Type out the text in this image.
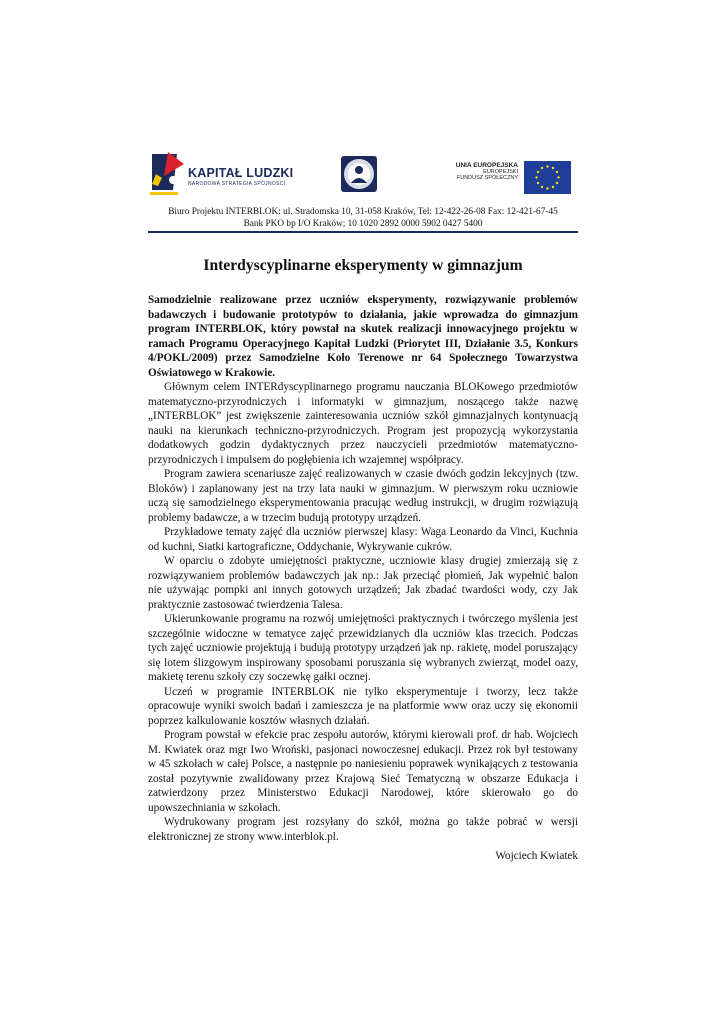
KAPITAŁ LUDZKI
NARODOWA STRATEGIA SPÓJNOŚCI
UNIA EUROPEJSKA
EUROPEJSKI
FUNDUSZ SPOŁECZNY
Biuro Projektu INTERBLOK: ul. Stradomska 10, 31-058 Kraków, Tel: 12-422-26-08 Fax: 12-421-67-45
Bank PKO bp I/O Kraków; 10 1020 2892 0000 5902 0427 5400
Interdyscyplinarne eksperymenty w gimnazjum

Samodzielnie realizowane przez uczniów eksperymenty, rozwiązywanie problemów badawczych i budowanie prototypów to działania, jakie wprowadza do gimnazjum program INTERBLOK, który powstał na skutek realizacji innowacyjnego projektu w ramach Programu Operacyjnego Kapitał Ludzki (Priorytet III, Działanie 3.5, Konkurs 4/POKL/2009) przez Samodzielne Koło Terenowe nr 64 Społecznego Towarzystwa Oświatowego w Krakowie.

Głównym celem INTERdyscyplinarnego programu nauczania BLOKowego przedmiotów matematyczno-przyrodniczych i informatyki w gimnazjum, noszącego także nazwę „INTERBLOK” jest zwiększenie zainteresowania uczniów szkół gimnazjalnych kontynuacją nauki na kierunkach techniczno-przyrodniczych. Program jest propozycją wykorzystania dodatkowych godzin dydaktycznych przez nauczycieli przedmiotów matematyczno-przyrodniczych i impulsem do pogłębienia ich wzajemnej współpracy.

Program zawiera scenariusze zajęć realizowanych w czasie dwóch godzin lekcyjnych (tzw. Bloków) i zaplanowany jest na trzy lata nauki w gimnazjum. W pierwszym roku uczniowie uczą się samodzielnego eksperymentowania pracując według instrukcji, w drugim rozwiązują problemy badawcze, a w trzecim budują prototypy urządzeń.

Przykładowe tematy zajęć dla uczniów pierwszej klasy: Waga Leonardo da Vinci, Kuchnia od kuchni, Siatki kartograficzne, Oddychanie, Wykrywanie cukrów.

W oparciu o zdobyte umiejętności praktyczne, uczniowie klasy drugiej zmierzają się z rozwiązywaniem problemów badawczych jak np.: Jak przeciąć płomień, Jak wypełnić balon nie używając pompki ani innych gotowych urządzeń; Jak zbadać twardości wody, czy Jak praktycznie zastosować twierdzenia Talesa.

Ukierunkowanie programu na rozwój umiejętności praktycznych i twórczego myślenia jest szczególnie widoczne w tematyce zajęć przewidzianych dla uczniów klas trzecich. Podczas tych zajęć uczniowie projektują i budują prototypy urządzeń jak np. rakietę, model poruszający się lotem ślizgowym inspirowany sposobami poruszania się wybranych zwierząt, model oazy, makietę terenu szkoły czy soczewkę gałki ocznej.

Uczeń w programie INTERBLOK nie tylko eksperymentuje i tworzy, lecz także opracowuje wyniki swoich badań i zamieszcza je na platformie www oraz uczy się ekonomii poprzez kalkulowanie kosztów własnych działań.

Program powstał w efekcie prac zespołu autorów, którymi kierowali prof. dr hab. Wojciech M. Kwiatek oraz mgr Iwo Wroński, pasjonaci nowoczesnej edukacji. Przez rok był testowany w 45 szkołach w całej Polsce, a następnie po naniesieniu poprawek wynikających z testowania został pozytywnie zwalidowany przez Krajową Sieć Tematyczną w obszarze Edukacja i zatwierdzony przez Ministerstwo Edukacji Narodowej, które skierowało go do upowszechniania w szkołach.

Wydrukowany program jest rozsyłany do szkół, można go także pobrać w wersji elektronicznej ze strony www.interblok.pl.

Wojciech Kwiatek
